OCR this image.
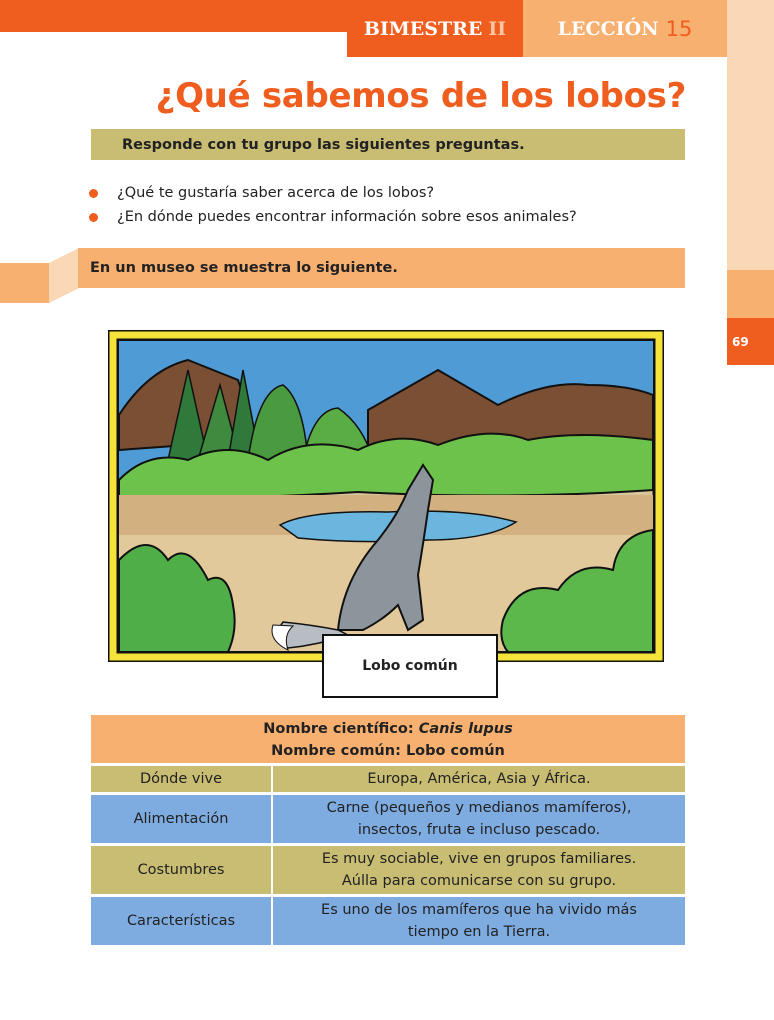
BIMESTRE II	LECCIÓN 15
69
¿Qué sabemos de los lobos?
Responde con tu grupo las siguientes preguntas.
¿Qué te gustaría saber acerca de los lobos?
¿En dónde puedes encontrar información sobre esos animales?
En un museo se muestra lo siguiente.
Lobo común
Nombre científico: Canis lupus
Nombre común: Lobo común
Dónde vive	Europa, América, Asia y África.
Alimentación
Carne (pequeños y medianos mamíferos),
insectos, fruta e incluso pescado.
Costumbres
Es muy sociable, vive en grupos familiares.
Aúlla para comunicarse con su grupo.
Características
Es uno de los mamíferos que ha vivido más
tiempo en la Tierra.
